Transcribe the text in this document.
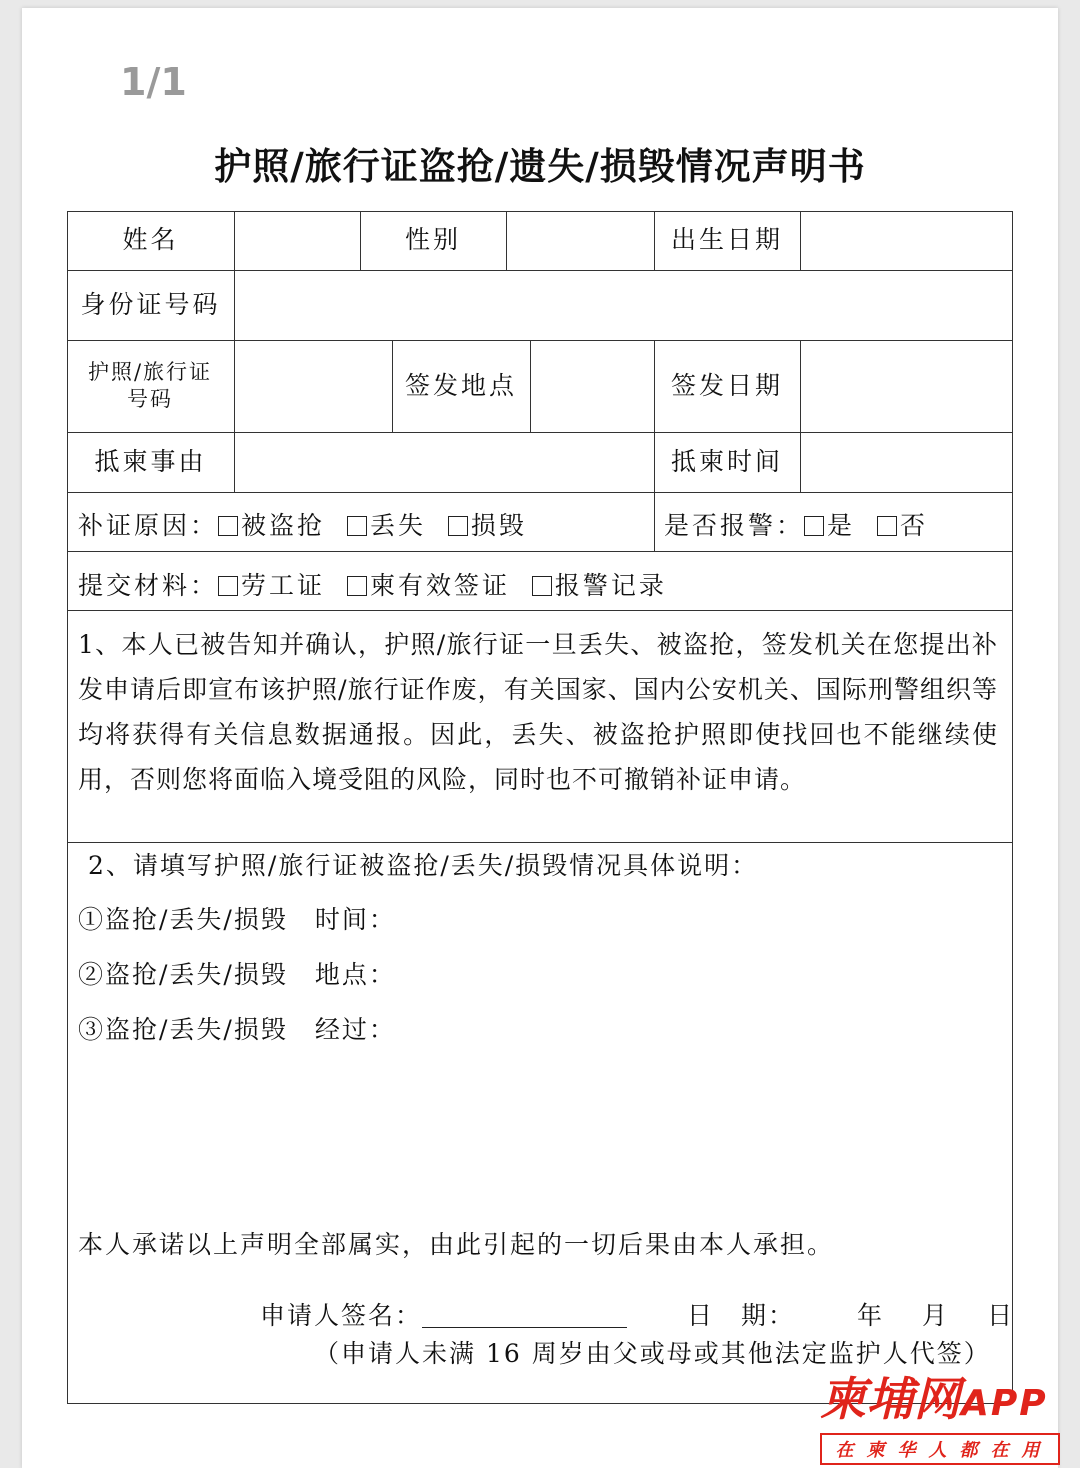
1/1
护照/旅行证盗抢/遗失/损毁情况声明书
姓名	性别	出生日期
身份证号码
护照/旅行证号码	签发地点	签发日期
抵柬事由	抵柬时间
补证原因： 被盗抢 丢失 损毁	是否报警： 是 否
提交材料： 劳工证 柬有效签证 报警记录
1、本人已被告知并确认，护照/旅行证一旦丢失、被盗抢，签发机关在您提出补发申请后即宣布该护照/旅行证作废，有关国家、国内公安机关、国际刑警组织等均将获得有关信息数据通报。因此，丢失、被盗抢护照即使找回也不能继续使用，否则您将面临入境受阻的风险，同时也不可撤销补证申请。
2、请填写护照/旅行证被盗抢/丢失/损毁情况具体说明：
①盗抢/丢失/损毁　时间：
②盗抢/丢失/损毁　地点：
③盗抢/丢失/损毁　经过：
本人承诺以上声明全部属实，由此引起的一切后果由本人承担。
申请人签名：	日　期： 年 月 日
（申请人未满 16 周岁由父或母或其他法定监护人代签）
柬埔网APP
在柬华人都在用
